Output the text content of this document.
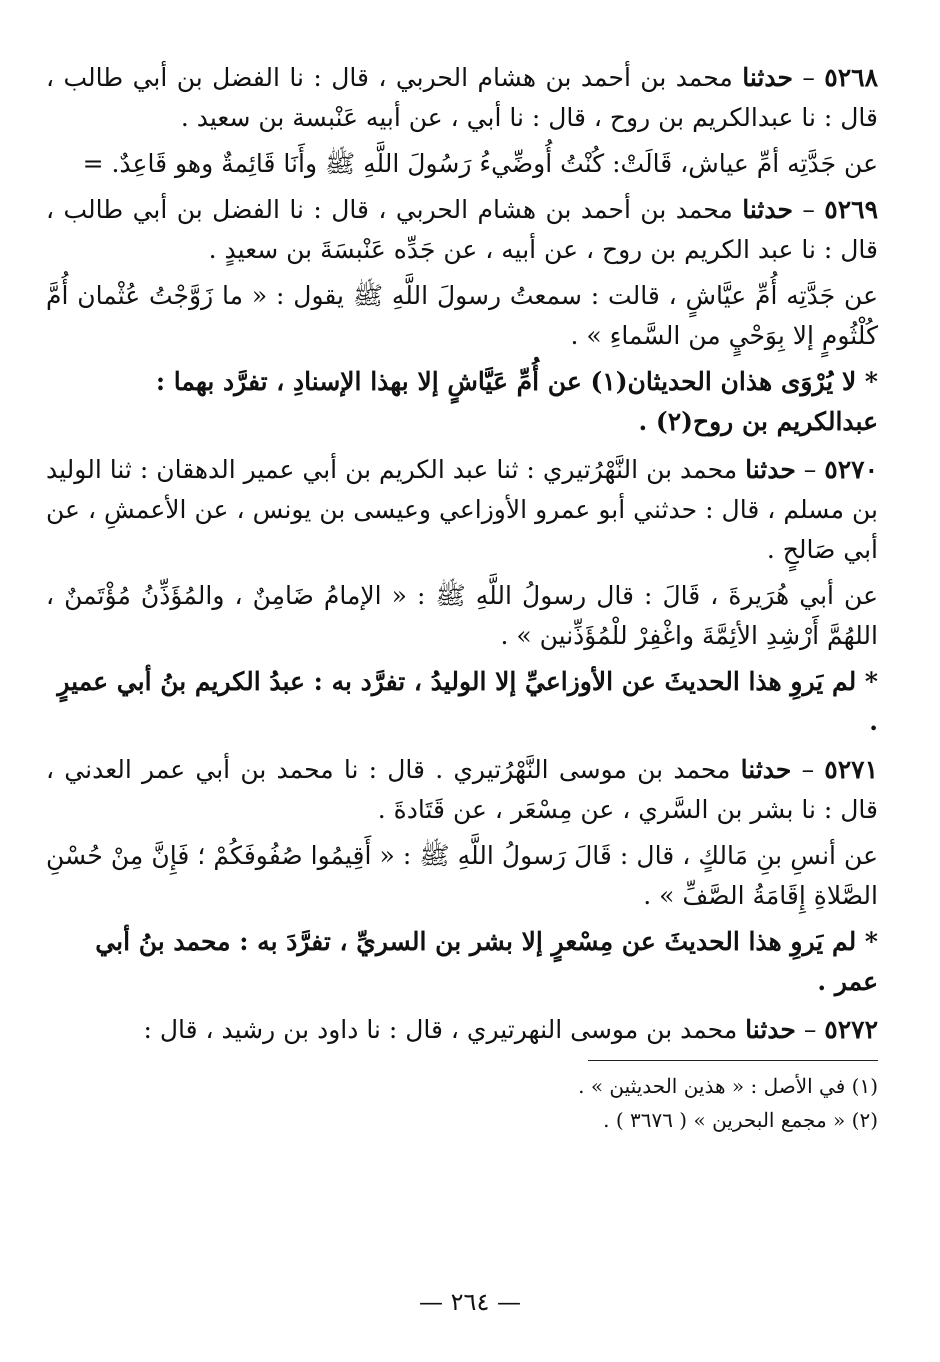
٥٢٦٨ – حدثنا محمد بن أحمد بن هشام الحربي ، قال : نا الفضل بن أبي طالب ، قال : نا عبدالكريم بن روح ، قال : نا أبي ، عن أبيه عَنْبسة بن سعيد .

عن جَدَّتِه أمِّ عياش، قَالَتْ: كُنْتُ أُوضِّيءُ رَسُولَ اللَّهِ ﷺ وأَنَا قَائِمةٌ وهو قَاعِدٌ. =

٥٢٦٩ – حدثنا محمد بن أحمد بن هشام الحربي ، قال : نا الفضل بن أبي طالب ، قال : نا عبد الكريم بن روح ، عن أبيه ، عن جَدِّه عَنْبسَةَ بن سعيدٍ .

عن جَدَّتِه أُمِّ عيَّاشٍ ، قالت : سمعتُ رسولَ اللَّهِ ﷺ يقول : « ما زَوَّجْتُ عُثْمان أُمَّ كُلْثُومٍ إلا بِوَحْيٍ من السَّماءِ » .

* لا يُرْوَى هذان الحديثان(١) عن أُمِّ عَيَّاشٍ إلا بهذا الإسنادِ ، تفرَّد بهما : عبدالكريم بن روح(٢) .

٥٢٧٠ – حدثنا محمد بن النَّهْرُتيري : ثنا عبد الكريم بن أبي عمير الدهقان : ثنا الوليد بن مسلم ، قال : حدثني أبو عمرو الأوزاعي وعيسى بن يونس ، عن الأعمشِ ، عن أبي صَالحٍ .

عن أبي هُرَيرةَ ، قَالَ : قال رسولُ اللَّهِ ﷺ : « الإمامُ ضَامِنٌ ، والمُؤَذِّنُ مُؤْتَمنٌ ، اللهُمَّ أَرْشِدِ الأئِمَّةَ واغْفِرْ للْمُؤَذِّنين » .

* لم يَروِ هذا الحديثَ عن الأوزاعيِّ إلا الوليدُ ، تفرَّد به : عبدُ الكريم بنُ أبي عميرٍ .

٥٢٧١ – حدثنا محمد بن موسى النَّهْرُتيري . قال : نا محمد بن أبي عمر العدني ، قال : نا بشر بن السَّري ، عن مِسْعَر ، عن قَتَادةَ .

عن أنسِ بنِ مَالكٍ ، قال : قَالَ رَسولُ اللَّهِ ﷺ : « أَقِيمُوا صُفُوفَكُمْ ؛ فَإِنَّ مِنْ حُسْنِ الصَّلاةِ إِقَامَةُ الصَّفِّ » .

* لم يَروِ هذا الحديثَ عن مِسْعرٍ إلا بشر بن السريِّ ، تفرَّدَ به : محمد بنُ أبي عمر .

٥٢٧٢ – حدثنا محمد بن موسى النهرتيري ، قال : نا داود بن رشيد ، قال :

(١) في الأصل : « هذين الحديثين » .

(٢) « مجمع البحرين » ( ٣٦٧٦ ) .

— ٢٦٤ —
